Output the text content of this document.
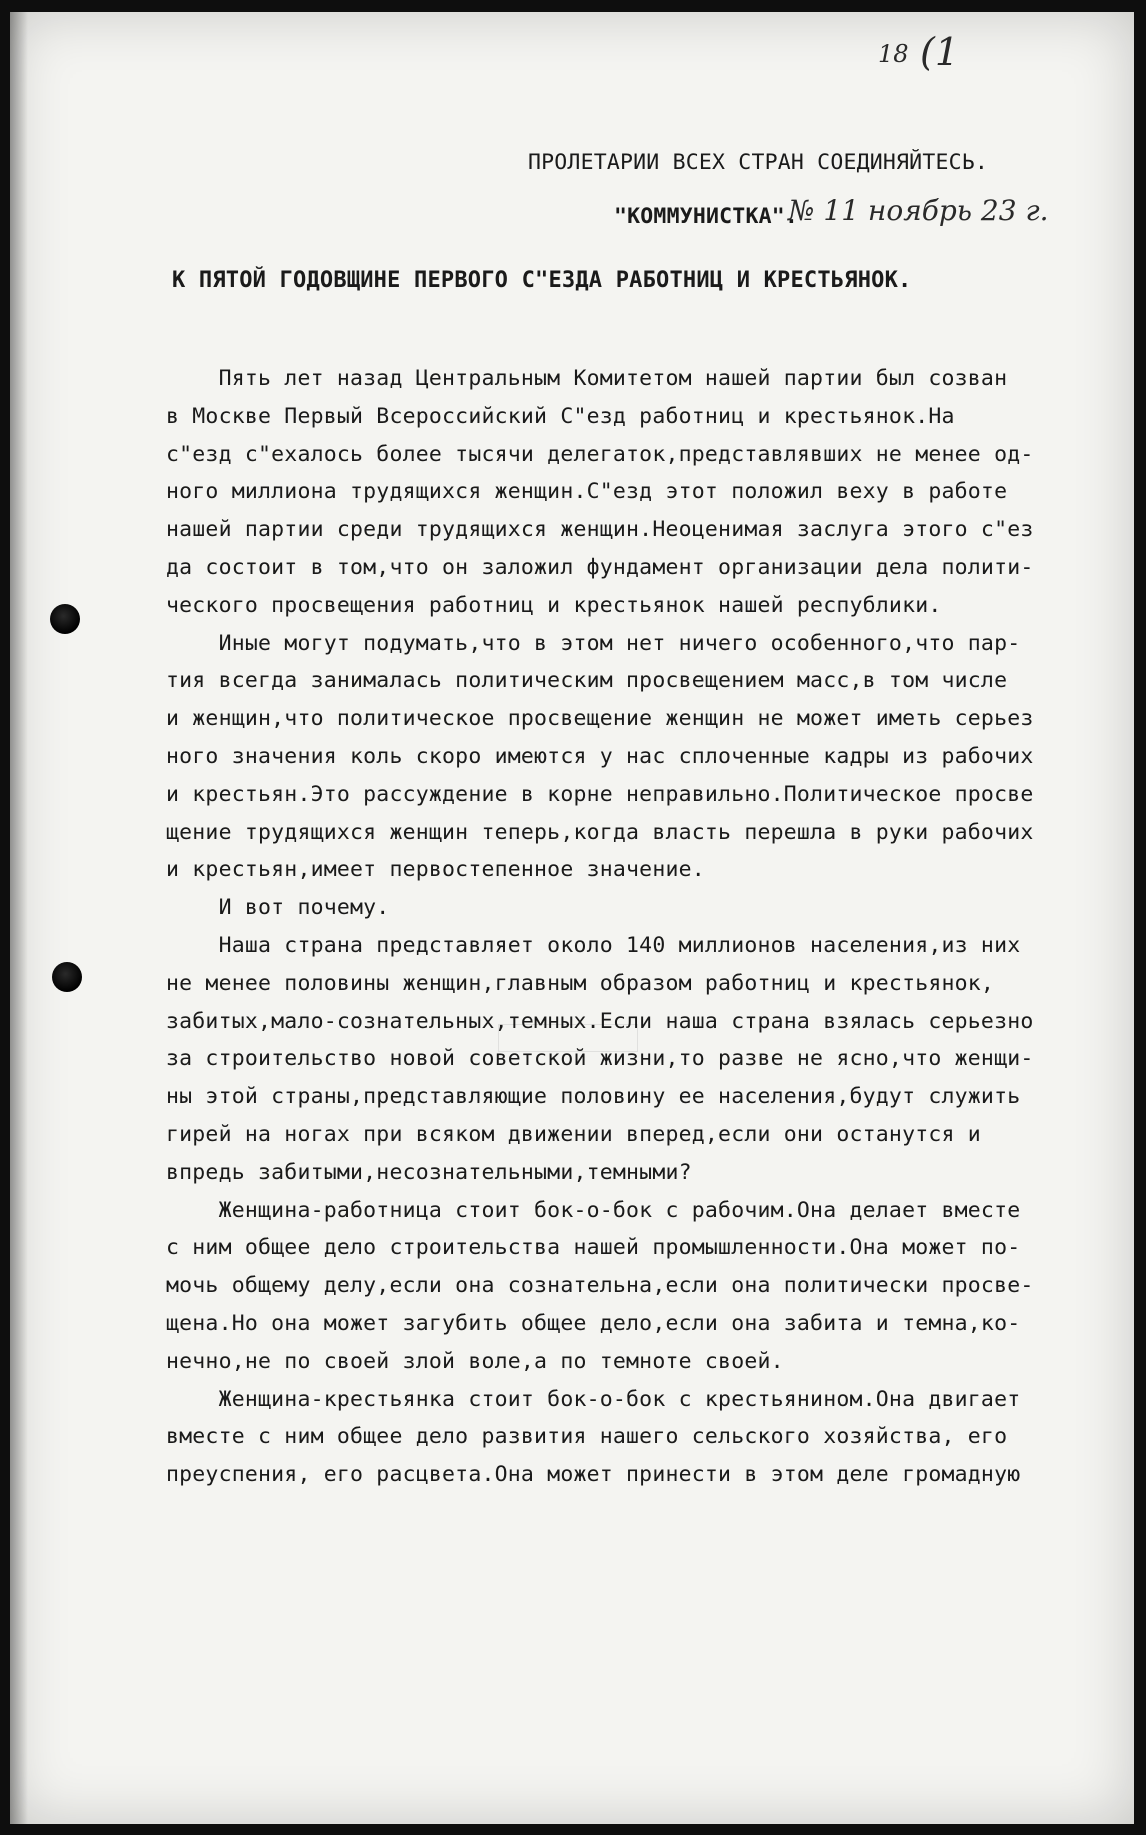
18 (1
ПРОЛЕТАРИИ ВСЕХ СТРАН СОЕДИНЯЙТЕСЬ.
"КОММУНИСТКА".
№ 11 ноябрь 23 г.
К ПЯТОЙ ГОДОВЩИНЕ ПЕРВОГО С"ЕЗДА РАБОТНИЦ И КРЕСТЬЯНОК.
Пять лет назад Центральным Комитетом нашей партии был созван
в Москве Первый Всероссийский С"езд работниц и крестьянок.На
с"езд с"ехалось более тысячи делегаток,представлявших не менее од-
ного миллиона трудящихся женщин.С"езд этот положил веху в работе
нашей партии среди трудящихся женщин.Неоценимая заслуга этого с"ез
да состоит в том,что он заложил фундамент организации дела полити-
ческого просвещения работниц и крестьянок нашей республики.
Иные могут подумать,что в этом нет ничего особенного,что пар-
тия всегда занималась политическим просвещением масс,в том числе
и женщин,что политическое просвещение женщин не может иметь серьез
ного значения коль скоро имеются у нас сплоченные кадры из рабочих
и крестьян.Это рассуждение в корне неправильно.Политическое просве
щение трудящихся женщин теперь,когда власть перешла в руки рабочих
и крестьян,имеет первостепенное значение.
И вот почему.
Наша страна представляет около 140 миллионов населения,из них
не менее половины женщин,главным образом работниц и крестьянок,
забитых,мало-сознательных,темных.Если наша страна взялась серьезно
за строительство новой советской жизни,то разве не ясно,что женщи-
ны этой страны,представляющие половину ее населения,будут служить
гирей на ногах при всяком движении вперед,если они останутся и
впредь забитыми,несознательными,темными?
Женщина-работница стоит бок-о-бок с рабочим.Она делает вместе
с ним общее дело строительства нашей промышленности.Она может по-
мочь общему делу,если она сознательна,если она политически просве-
щена.Но она может загубить общее дело,если она забита и темна,ко-
нечно,не по своей злой воле,а по темноте своей.
Женщина-крестьянка стоит бок-о-бок с крестьянином.Она двигает
вместе с ним общее дело развития нашего сельского хозяйства, его
преуспения, его расцвета.Она может принести в этом деле громадную
